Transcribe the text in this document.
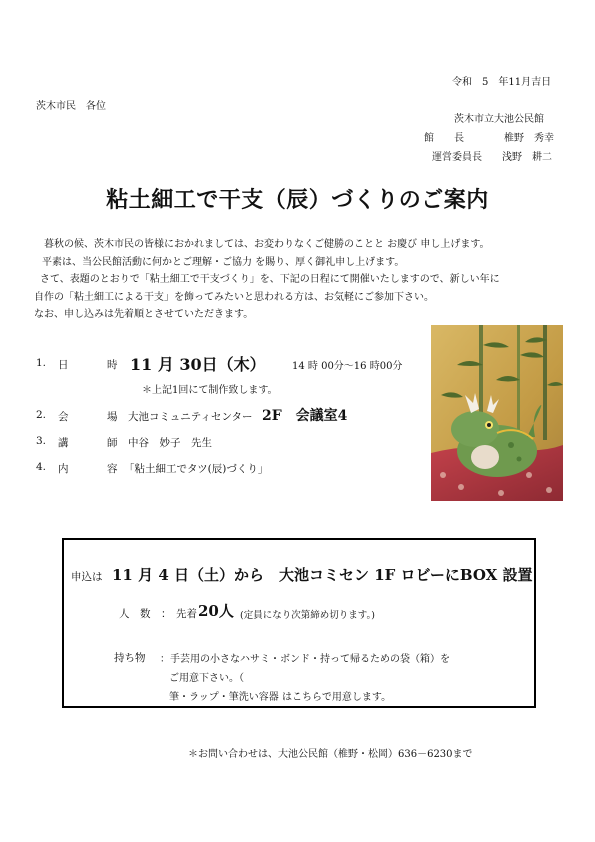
令和　5　年11月吉日
茨木市民　各位
茨木市立大池公民館
館　　長	椎野　秀幸
運営委員長 浅野　耕二
粘土細工で干支（辰）づくりのご案内

暮秋の候、茨木市民の皆様におかれましては、お変わりなくご健勝のことと お慶び 申し上げます。

平素は、当公民館活動に何かとご理解・ご協力 を賜り、厚く御礼申し上げます。

さて、表題のとおりで「粘土細工で干支づくり」を、下記の日程にて開催いたしますので、新しい年に

自作の「粘土細工による干支」を飾ってみたいと思われる方は、お気軽にご参加下さい。

なお、申し込みは先着順とさせていただきます。

1. 日　時
11 月 30日（木）	14 時 00分～16 時00分
＊上記1回にて制作致します。
2. 会　場
大池コミュニティセンター 2F　会議室4
3. 講　師
中谷　妙子　先生
4. 内　容
「粘土細工でタツ(辰)づくり」
申込は 11 月 4 日（土）から　大池コミセン 1F ロビーにBOX 設置
人　数　： 先着 20人 (定員になり次第締め切ります。)
持ち物 ：手芸用の小さなハサミ・ボンド・持って帰るための袋（箱）を
ご用意下さい。（
筆・ラップ・筆洗い容器 はこちらで用意します。
＊お問い合わせは、大池公民館（椎野・松岡）636－6230まで
